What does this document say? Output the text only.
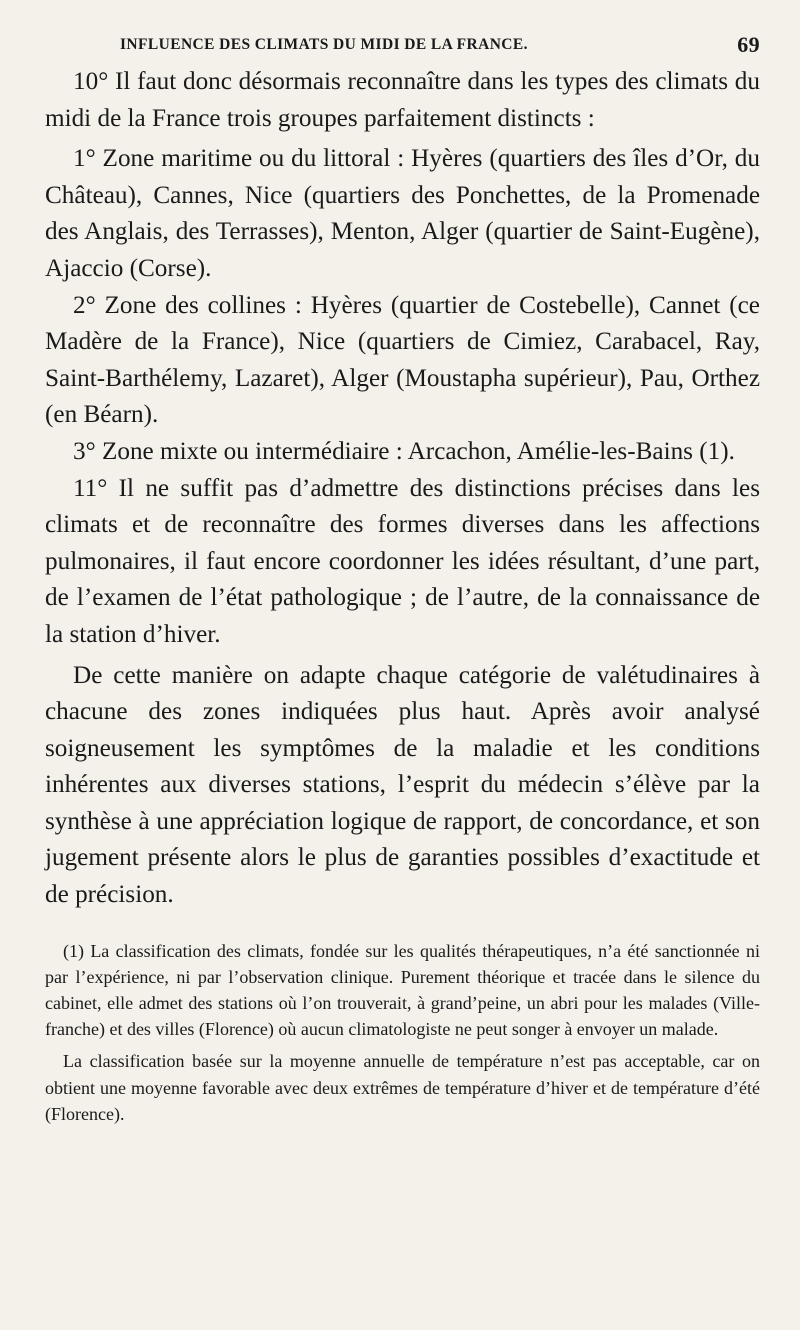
INFLUENCE DES CLIMATS DU MIDI DE LA FRANCE.	69

10° Il faut donc désormais reconnaître dans les types des climats du midi de la France trois groupes parfaitement distincts :

1° Zone maritime ou du littoral : Hyères (quartiers des îles d’Or, du Château), Cannes, Nice (quartiers des Ponchettes, de la Promenade des Anglais, des Terrasses), Menton, Alger (quartier de Saint-Eugène), Ajaccio (Corse).

2° Zone des collines : Hyères (quartier de Costebelle), Cannet (ce Madère de la France), Nice (quartiers de Cimiez, Carabacel, Ray, Saint-Barthélemy, Lazaret), Alger (Moustapha supérieur), Pau, Orthez (en Béarn).

3° Zone mixte ou intermédiaire : Arcachon, Amélie-les-Bains (1).

11° Il ne suffit pas d’admettre des distinctions précises dans les climats et de reconnaître des formes diverses dans les affections pulmonaires, il faut encore coordonner les idées résultant, d’une part, de l’examen de l’état pathologique ; de l’autre, de la connaissance de la station d’hiver.

De cette manière on adapte chaque catégorie de valétudinaires à chacune des zones indiquées plus haut. Après avoir analysé soigneusement les symptômes de la maladie et les conditions inhérentes aux diverses stations, l’esprit du médecin s’élève par la synthèse à une appréciation logique de rapport, de concordance, et son jugement présente alors le plus de garanties possibles d’exactitude et de précision.

(1) La classification des climats, fondée sur les qualités thérapeutiques, n’a été sanctionnée ni par l’expérience, ni par l’observation clinique. Purement théorique et tracée dans le silence du cabinet, elle admet des stations où l’on trouverait, à grand’peine, un abri pour les malades (Villefranche) et des villes (Florence) où aucun climatologiste ne peut songer à envoyer un malade.

La classification basée sur la moyenne annuelle de température n’est pas acceptable, car on obtient une moyenne favorable avec deux extrêmes de température d’hiver et de température d’été (Florence).
